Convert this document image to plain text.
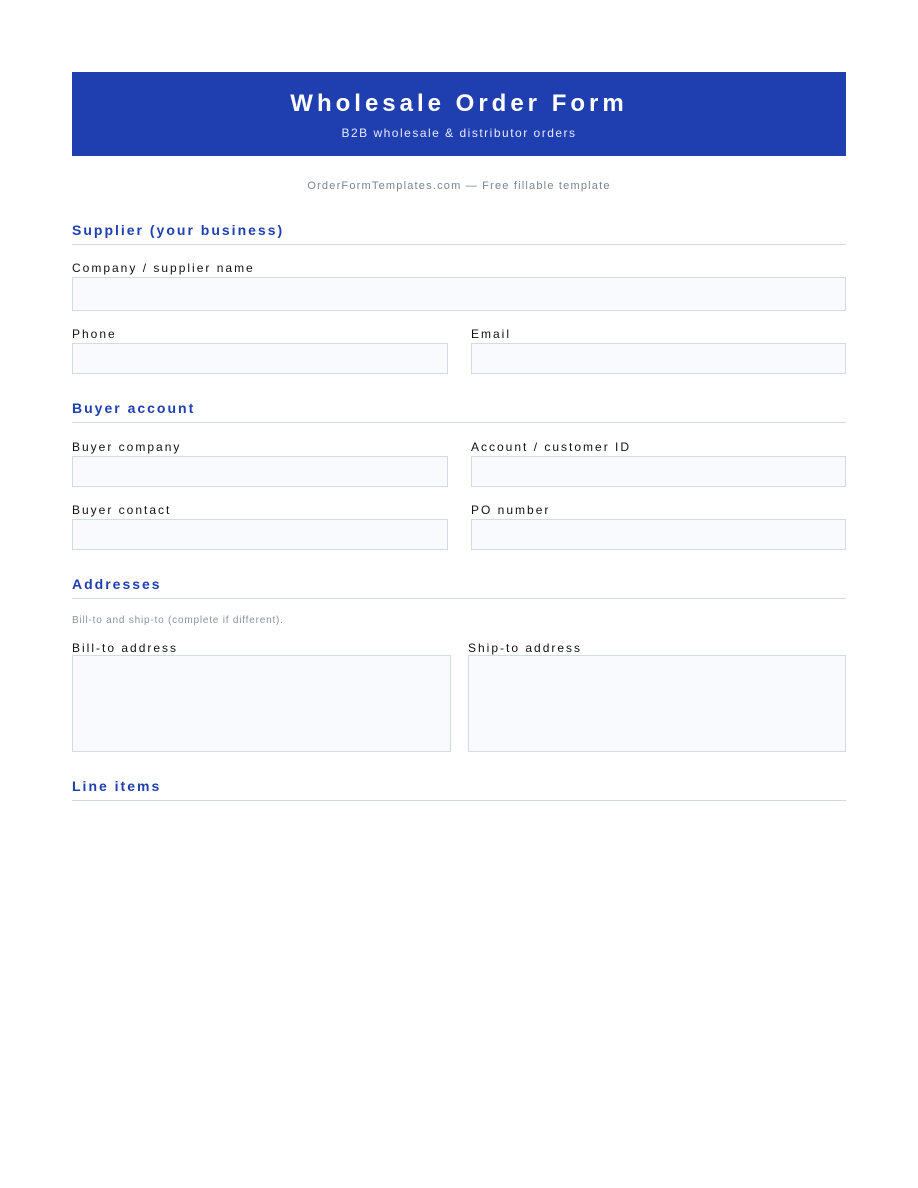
Wholesale Order Form
B2B wholesale & distributor orders
OrderFormTemplates.com — Free fillable template
Supplier (your business)
Company / supplier name
Phone	Email
Buyer account
Buyer company	Account / customer ID
Buyer contact	PO number
Addresses
Bill-to and ship-to (complete if different).
Bill-to address	Ship-to address
Line items
